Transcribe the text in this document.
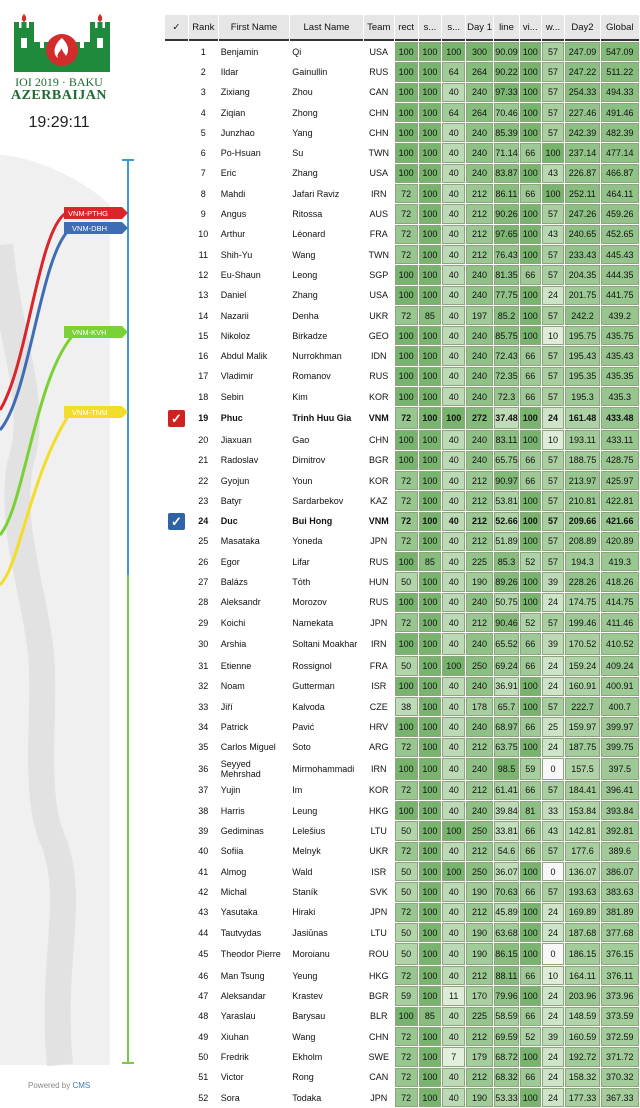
IOI 2019 · BAKU
AZERBAIJAN
19:29:11
VNM-PTHG
VNM-DBH
VNM-KVH
VNM-TNM
Powered by CMS
✓	Rank	First Name	Last Name	Team	rect	s...	s...	Day 1	line	vi...	w...	Day2	Global
	1	Benjamin	Qi	USA	100	100	100	300	90.09	100	57	247.09	547.09
	2	Ildar	Gainullin	RUS	100	100	64	264	90.22	100	57	247.22	511.22
	3	Zixiang	Zhou	CAN	100	100	40	240	97.33	100	57	254.33	494.33
	4	Ziqian	Zhong	CHN	100	100	64	264	70.46	100	57	227.46	491.46
	5	Junzhao	Yang	CHN	100	100	40	240	85.39	100	57	242.39	482.39
	6	Po-Hsuan	Su	TWN	100	100	40	240	71.14	66	100	237.14	477.14
	7	Eric	Zhang	USA	100	100	40	240	83.87	100	43	226.87	466.87
	8	Mahdi	Jafari Raviz	IRN	72	100	40	212	86.11	66	100	252.11	464.11
	9	Angus	Ritossa	AUS	72	100	40	212	90.26	100	57	247.26	459.26
	10	Arthur	Léonard	FRA	72	100	40	212	97.65	100	43	240.65	452.65
	11	Shih-Yu	Wang	TWN	72	100	40	212	76.43	100	57	233.43	445.43
	12	Eu-Shaun	Leong	SGP	100	100	40	240	81.35	66	57	204.35	444.35
	13	Daniel	Zhang	USA	100	100	40	240	77.75	100	24	201.75	441.75
	14	Nazarii	Denha	UKR	72	85	40	197	85.2	100	57	242.2	439.2
	15	Nikoloz	Birkadze	GEO	100	100	40	240	85.75	100	10	195.75	435.75
	16	Abdul Malik	Nurrokhman	IDN	100	100	40	240	72.43	66	57	195.43	435.43
	17	Vladimir	Romanov	RUS	100	100	40	240	72.35	66	57	195.35	435.35
	18	Sebin	Kim	KOR	100	100	40	240	72.3	66	57	195.3	435.3
✓	19	Phuc	Trinh Huu Gia	VNM	72	100	100	272	37.48	100	24	161.48	433.48
	20	Jiaxuan	Gao	CHN	100	100	40	240	83.11	100	10	193.11	433.11
	21	Radoslav	Dimitrov	BGR	100	100	40	240	65.75	66	57	188.75	428.75
	22	Gyojun	Youn	KOR	72	100	40	212	90.97	66	57	213.97	425.97
	23	Batyr	Sardarbekov	KAZ	72	100	40	212	53.81	100	57	210.81	422.81
✓	24	Duc	Bui Hong	VNM	72	100	40	212	52.66	100	57	209.66	421.66
	25	Masataka	Yoneda	JPN	72	100	40	212	51.89	100	57	208.89	420.89
	26	Egor	Lifar	RUS	100	85	40	225	85.3	52	57	194.3	419.3
	27	Balázs	Tóth	HUN	50	100	40	190	89.26	100	39	228.26	418.26
	28	Aleksandr	Morozov	RUS	100	100	40	240	50.75	100	24	174.75	414.75
	29	Koichi	Namekata	JPN	72	100	40	212	90.46	52	57	199.46	411.46
	30	Arshia	Soltani Moakhar	IRN	100	100	40	240	65.52	66	39	170.52	410.52
	31	Etienne	Rossignol	FRA	50	100	100	250	69.24	66	24	159.24	409.24
	32	Noam	Gutterman	ISR	100	100	40	240	36.91	100	24	160.91	400.91
	33	Jiří	Kalvoda	CZE	38	100	40	178	65.7	100	57	222.7	400.7
	34	Patrick	Pavić	HRV	100	100	40	240	68.97	66	25	159.97	399.97
	35	Carlos Miguel	Soto	ARG	72	100	40	212	63.75	100	24	187.75	399.75
	36	Seyyed Mehrshad	Mirmohammadi	IRN	100	100	40	240	98.5	59	0	157.5	397.5
	37	Yujin	Im	KOR	72	100	40	212	61.41	66	57	184.41	396.41
	38	Harris	Leung	HKG	100	100	40	240	39.84	81	33	153.84	393.84
	39	Gediminas	Lelešius	LTU	50	100	100	250	33.81	66	43	142.81	392.81
	40	Sofiia	Melnyk	UKR	72	100	40	212	54.6	66	57	177.6	389.6
	41	Almog	Wald	ISR	50	100	100	250	36.07	100	0	136.07	386.07
	42	Michal	Staník	SVK	50	100	40	190	70.63	66	57	193.63	383.63
	43	Yasutaka	Hiraki	JPN	72	100	40	212	45.89	100	24	169.89	381.89
	44	Tautvydas	Jasiūnas	LTU	50	100	40	190	63.68	100	24	187.68	377.68
	45	Theodor Pierre	Moroianu	ROU	50	100	40	190	86.15	100	0	186.15	376.15
	46	Man Tsung	Yeung	HKG	72	100	40	212	88.11	66	10	164.11	376.11
	47	Aleksandar	Krastev	BGR	59	100	11	170	79.96	100	24	203.96	373.96
	48	Yaraslau	Barysau	BLR	100	85	40	225	58.59	66	24	148.59	373.59
	49	Xiuhan	Wang	CHN	72	100	40	212	69.59	52	39	160.59	372.59
	50	Fredrik	Ekholm	SWE	72	100	7	179	68.72	100	24	192.72	371.72
	51	Victor	Rong	CAN	72	100	40	212	68.32	66	24	158.32	370.32
	52	Sora	Todaka	JPN	72	100	40	190	53.33	100	24	177.33	367.33
